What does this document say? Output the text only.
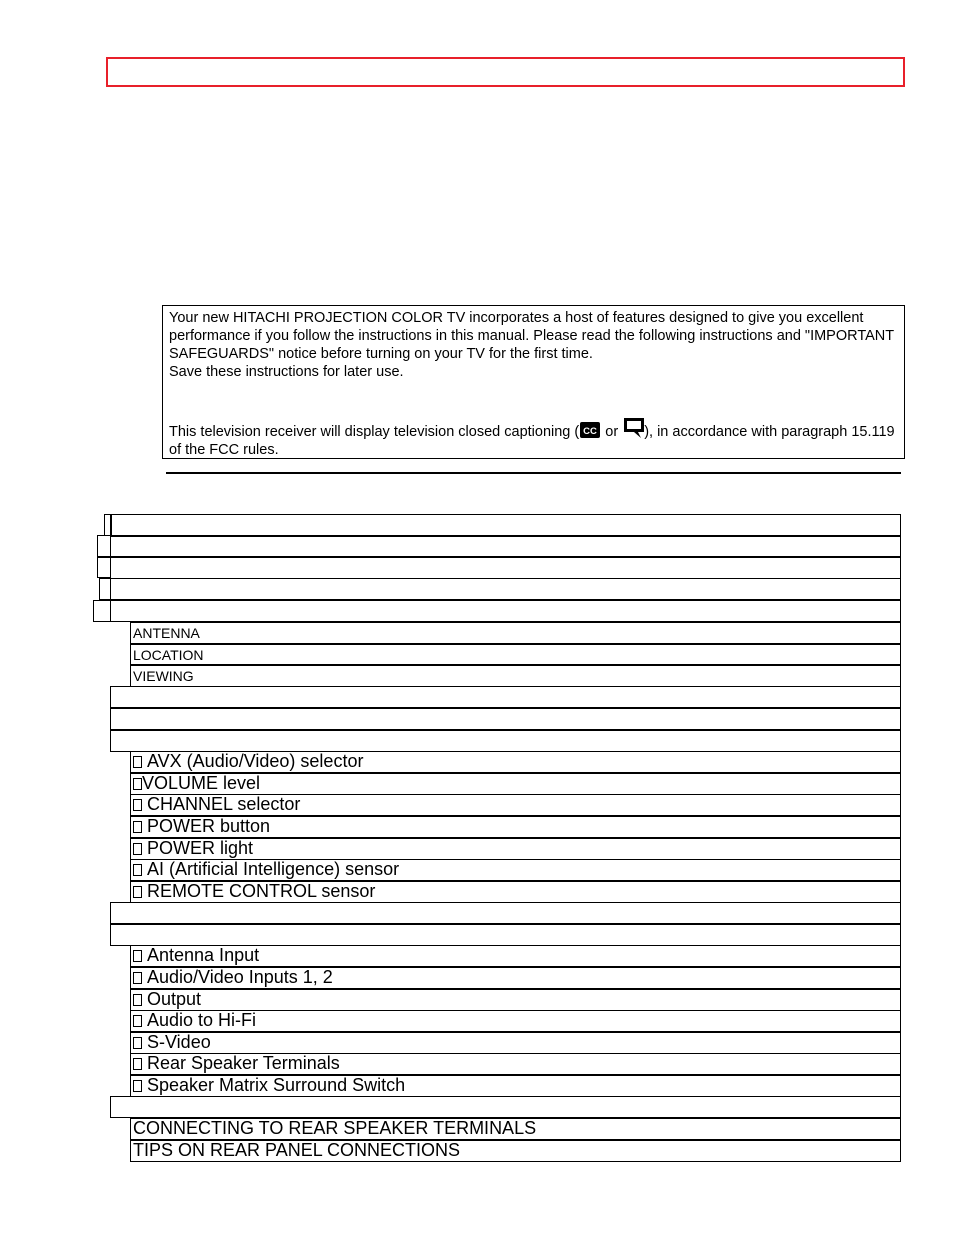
Your new HITACHI PROJECTION COLOR TV incorporates a host of features designed to give you excellent performance if you follow the instructions in this manual. Please read the following instructions and "IMPORTANT SAFEGUARDS" notice before turning on your TV for the first time.

Save these instructions for later use.

This television receiver will display television closed captioning ( CC or ), in accordance with paragraph 15.119 of the FCC rules.

ANTENNA
LOCATION
VIEWING
AVX (Audio/Video) selector
VOLUME level
CHANNEL selector
POWER button
POWER light
AI (Artificial Intelligence) sensor
REMOTE CONTROL sensor
Antenna Input
Audio/Video Inputs 1, 2
Output
Audio to Hi-Fi
S-Video
Rear Speaker Terminals
Speaker Matrix Surround Switch
CONNECTING TO REAR SPEAKER TERMINALS
TIPS ON REAR PANEL CONNECTIONS
